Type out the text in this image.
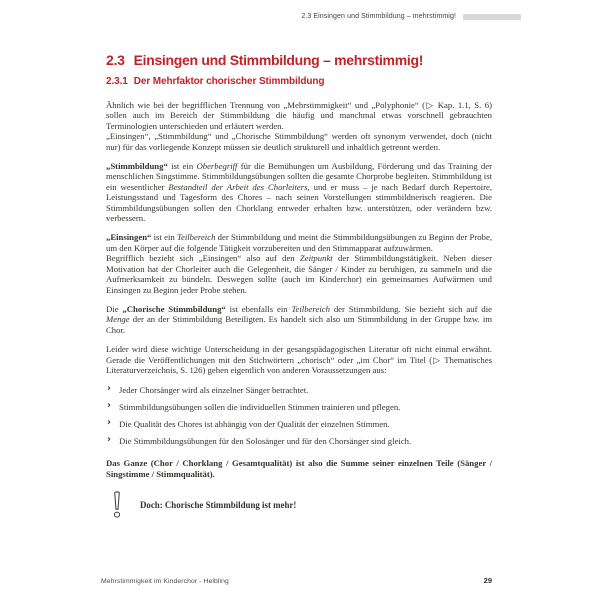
2.3 Einsingen und Stimmbildung – mehrstimmig!
2.3 Einsingen und Stimmbildung – mehrstimmig!
2.3.1 Der Mehrfaktor chorischer Stimmbildung

Ähnlich wie bei der begrifflichen Trennung von „Mehrstimmigkeit“ und „Polyphonie“ (▷ Kap. 1.1, S. 6) sollen auch im Bereich der Stimmbildung die häufig und manchmal etwas vorschnell gebrauchten Terminologien unterschieden und erläutert werden.

„Einsingen“, „Stimmbildung“ und „Chorische Stimmbildung“ werden oft synonym verwendet, doch (nicht nur) für das vorliegende Konzept müssen sie deutlich strukturell und inhaltlich getrennt werden.

„Stimmbildung“ ist ein Oberbegriff für die Bemühungen um Ausbildung, Förderung und das Training der menschlichen Singstimme. Stimmbildungsübungen sollten die gesamte Chorprobe begleiten. Stimmbildung ist ein wesentlicher Bestandteil der Arbeit des Chorleiters, und er muss – je nach Bedarf durch Repertoire, Leistungsstand und Tagesform des Chores – nach seinen Vorstellungen stimmbildnerisch reagieren. Die Stimmbildungsübungen sollen den Chorklang entweder erhalten bzw. unterstützen, oder verändern bzw. verbessern.

„Einsingen“ ist ein Teilbereich der Stimmbildung und meint die Stimmbildungsübungen zu Beginn der Probe, um den Körper auf die folgende Tätigkeit vorzubereiten und den Stimmapparat aufzuwärmen.

Begrifflich bezieht sich „Einsingen“ also auf den Zeitpunkt der Stimmbildungstätigkeit. Neben dieser Motivation hat der Chorleiter auch die Gelegenheit, die Sänger / Kinder zu beruhigen, zu sammeln und die Aufmerksamkeit zu bündeln. Deswegen sollte (auch im Kinderchor) ein gemeinsames Aufwärmen und Einsingen zu Beginn jeder Probe stehen.

Die „Chorische Stimmbildung“ ist ebenfalls ein Teilbereich der Stimmbildung. Sie bezieht sich auf die Menge der an der Stimmbildung Beteiligten. Es handelt sich also um Stimmbildung in der Gruppe bzw. im Chor.

Leider wird diese wichtige Unterscheidung in der gesangspädagogischen Literatur oft nicht einmal erwähnt. Gerade die Veröffentlichungen mit den Stichwörtern „chorisch“ oder „im Chor“ im Titel (▷ Thematisches Literaturverzeichnis, S. 126) gehen eigentlich von anderen Voraussetzungen aus:

› Jeder Chorsänger wird als einzelner Sänger betrachtet.
› Stimmbildungsübungen sollen die individuellen Stimmen trainieren und pflegen.
› Die Qualität des Chores ist abhängig von der Qualität der einzelnen Stimmen.
› Die Stimmbildungsübungen für den Solosänger und für den Chorsänger sind gleich.

Das Ganze (Chor / Chorklang / Gesamtqualität) ist also die Summe seiner einzelnen Teile (Sänger / Singstimme / Stimmqualität).

Doch: Chorische Stimmbildung ist mehr!
Mehrstimmigkeit im Kinderchor - Helbling	29
